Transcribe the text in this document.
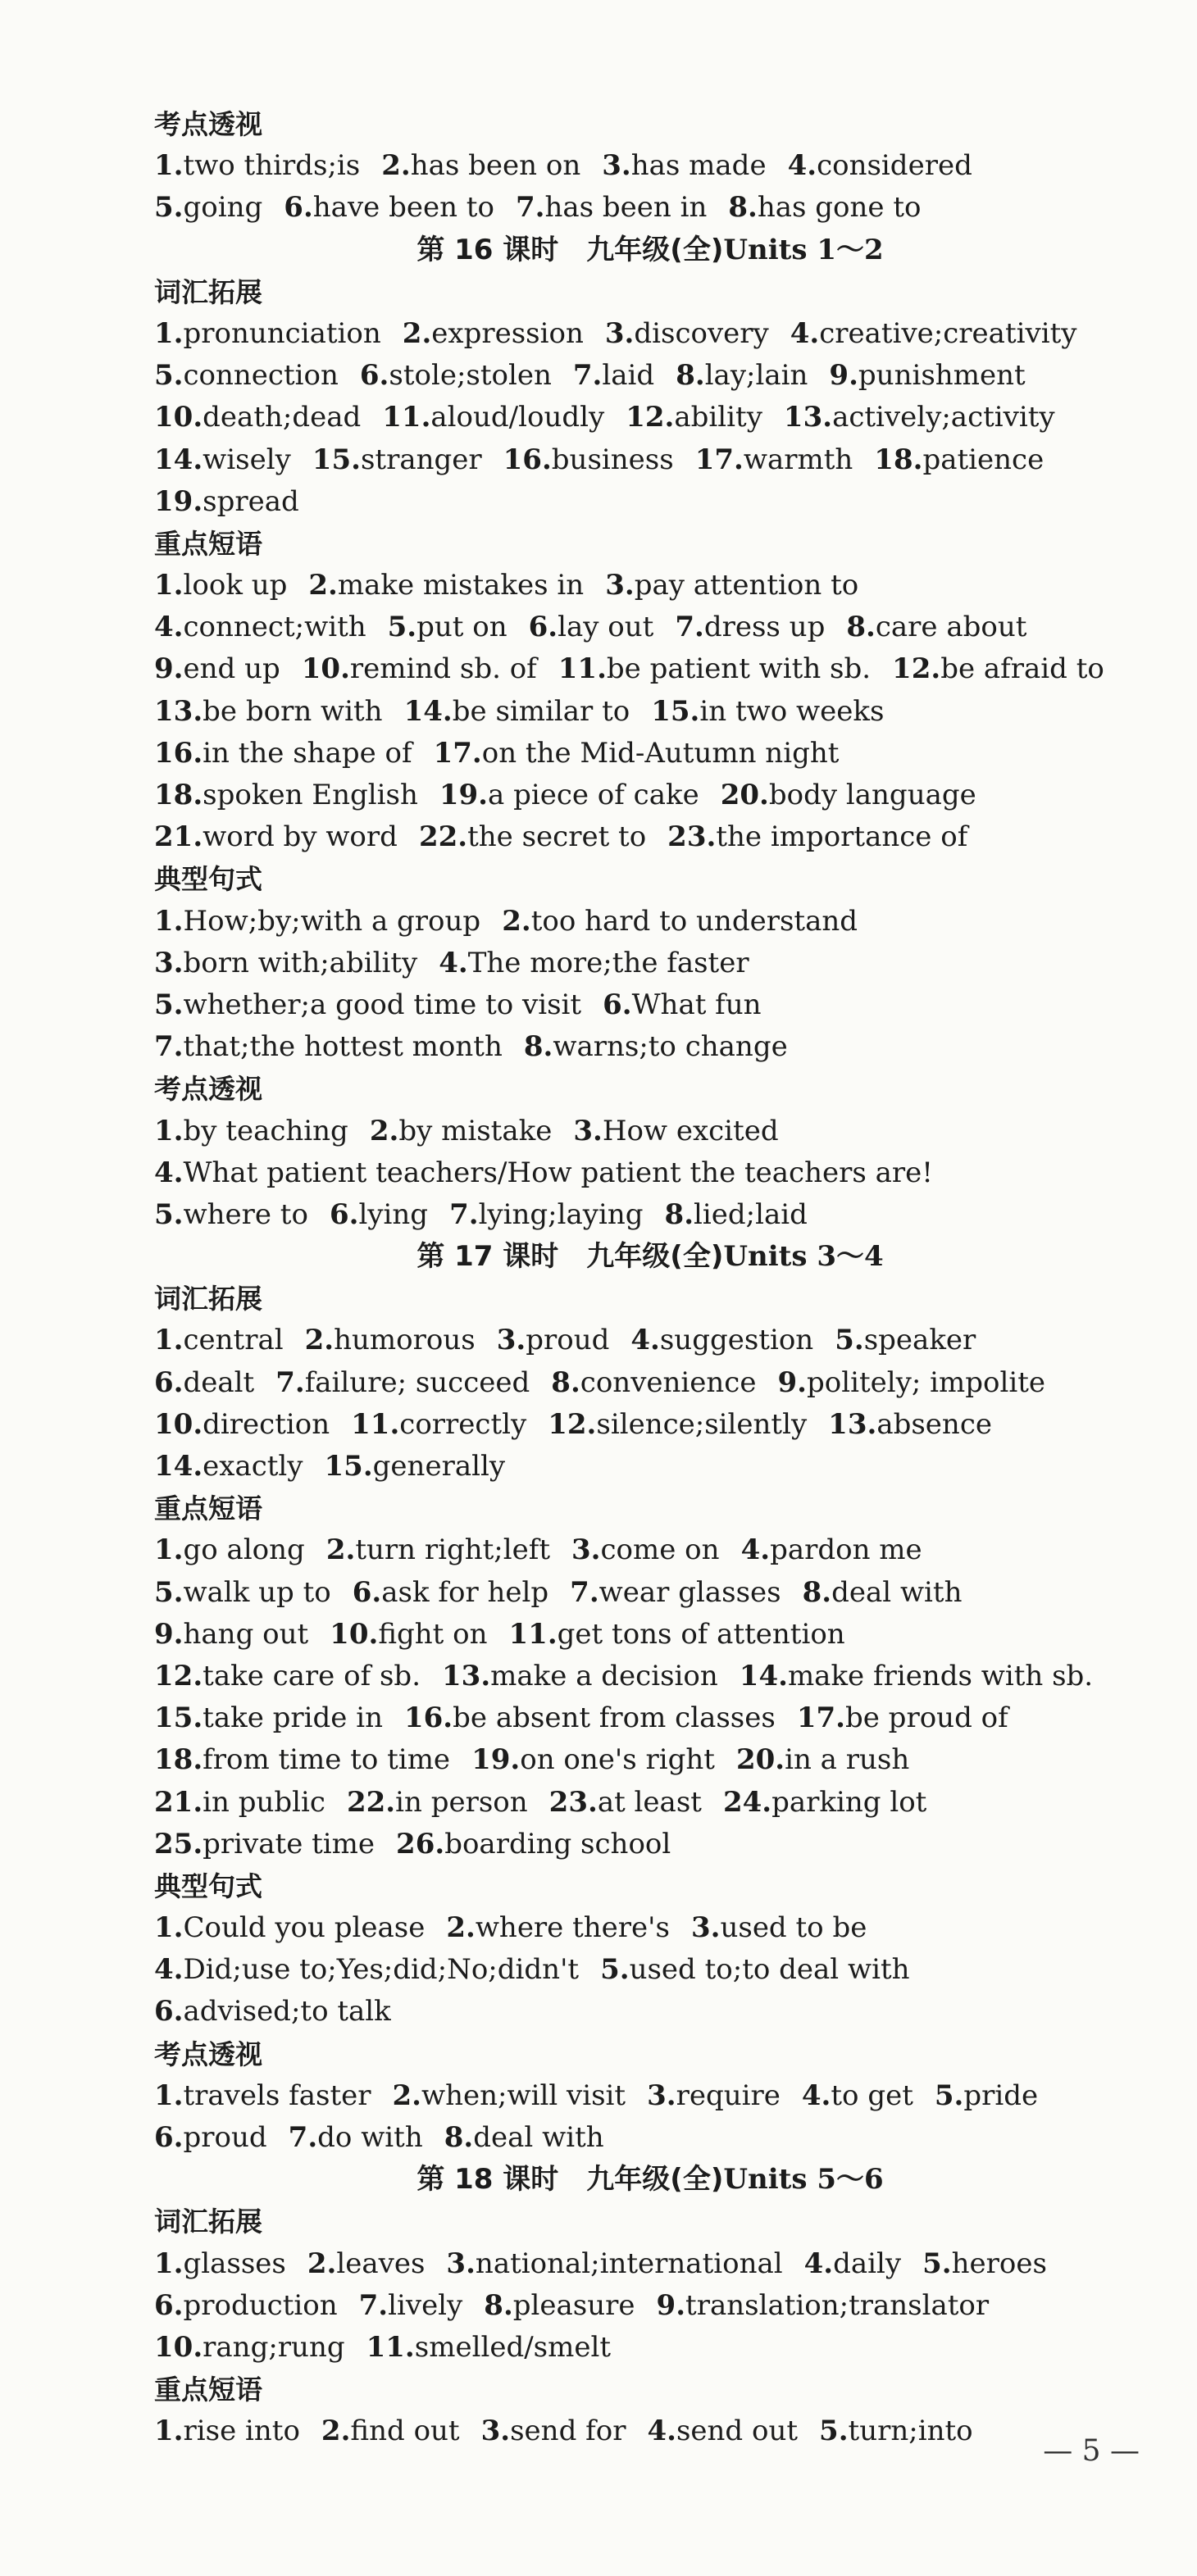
考点透视
1.two thirds;is 2.has been on 3.has made 4.considered
5.going 6.have been to 7.has been in 8.has gone to
第 16 课时　九年级(全)Units 1～2
词汇拓展
1.pronunciation 2.expression 3.discovery 4.creative;creativity
5.connection 6.stole;stolen 7.laid 8.lay;lain 9.punishment
10.death;dead 11.aloud/loudly 12.ability 13.actively;activity
14.wisely 15.stranger 16.business 17.warmth 18.patience
19.spread
重点短语
1.look up 2.make mistakes in 3.pay attention to
4.connect;with 5.put on 6.lay out 7.dress up 8.care about
9.end up 10.remind sb. of 11.be patient with sb. 12.be afraid to
13.be born with 14.be similar to 15.in two weeks
16.in the shape of 17.on the Mid-Autumn night
18.spoken English 19.a piece of cake 20.body language
21.word by word 22.the secret to 23.the importance of
典型句式
1.How;by;with a group 2.too hard to understand
3.born with;ability 4.The more;the faster
5.whether;a good time to visit 6.What fun
7.that;the hottest month 8.warns;to change
考点透视
1.by teaching 2.by mistake 3.How excited
4.What patient teachers/How patient the teachers are!
5.where to 6.lying 7.lying;laying 8.lied;laid
第 17 课时　九年级(全)Units 3～4
词汇拓展
1.central 2.humorous 3.proud 4.suggestion 5.speaker
6.dealt 7.failure; succeed 8.convenience 9.politely; impolite
10.direction 11.correctly 12.silence;silently 13.absence
14.exactly 15.generally
重点短语
1.go along 2.turn right;left 3.come on 4.pardon me
5.walk up to 6.ask for help 7.wear glasses 8.deal with
9.hang out 10.fight on 11.get tons of attention
12.take care of sb. 13.make a decision 14.make friends with sb.
15.take pride in 16.be absent from classes 17.be proud of
18.from time to time 19.on one's right 20.in a rush
21.in public 22.in person 23.at least 24.parking lot
25.private time 26.boarding school
典型句式
1.Could you please 2.where there's 3.used to be
4.Did;use to;Yes;did;No;didn't 5.used to;to deal with
6.advised;to talk
考点透视
1.travels faster 2.when;will visit 3.require 4.to get 5.pride
6.proud 7.do with 8.deal with
第 18 课时　九年级(全)Units 5～6
词汇拓展
1.glasses 2.leaves 3.national;international 4.daily 5.heroes
6.production 7.lively 8.pleasure 9.translation;translator
10.rang;rung 11.smelled/smelt
重点短语
1.rise into 2.find out 3.send for 4.send out 5.turn;into
— 5 —
